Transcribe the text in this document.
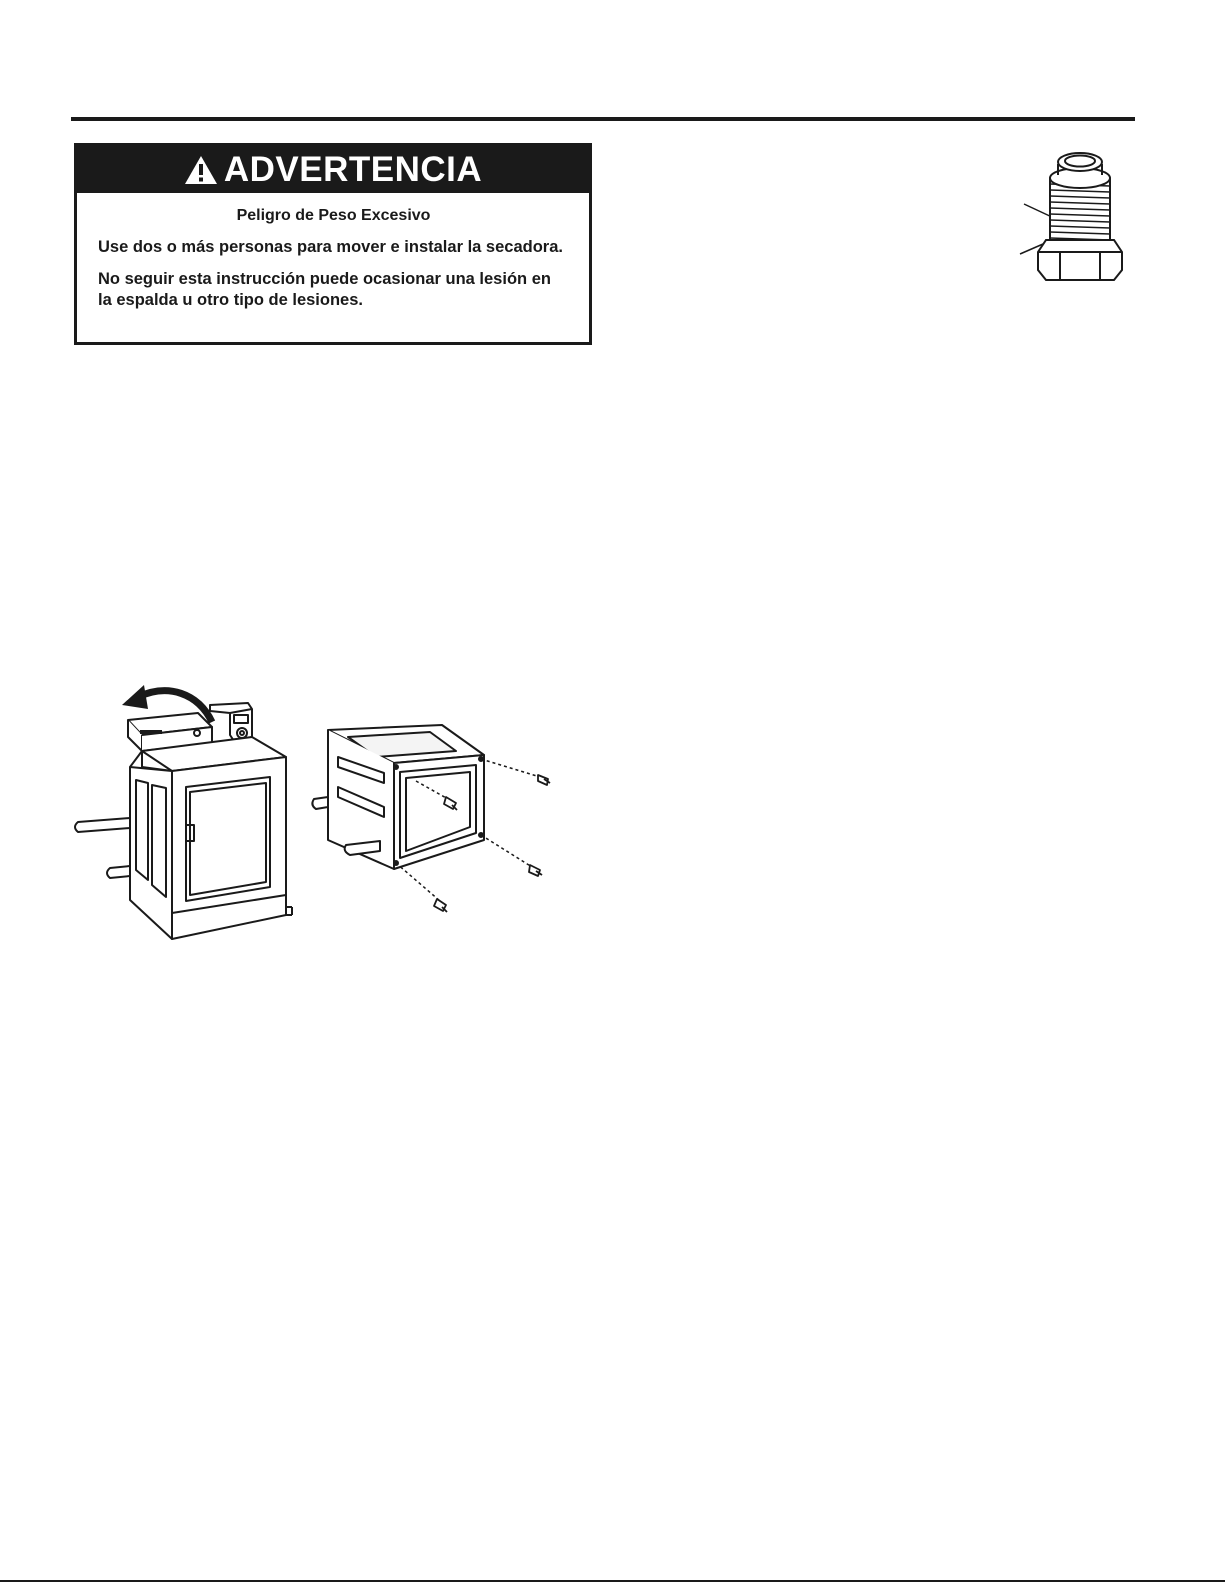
ADVERTENCIA

Peligro de Peso Excesivo

Use dos o más personas para mover e instalar la secadora.

No seguir esta instrucción puede ocasionar una lesión en la espalda u otro tipo de lesiones.
